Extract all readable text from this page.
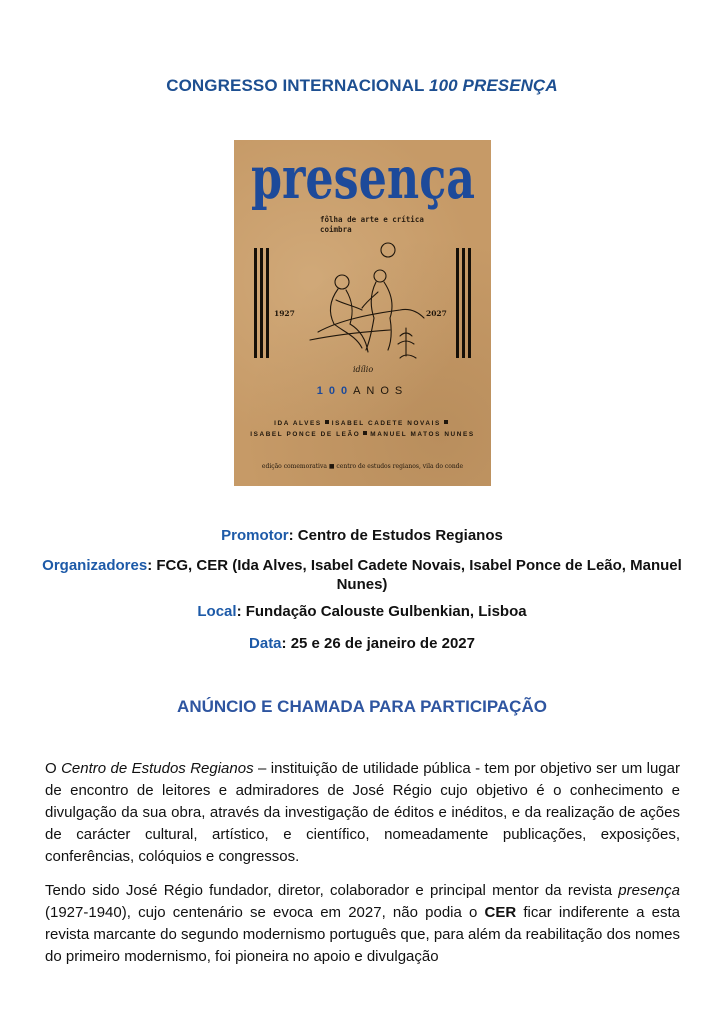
CONGRESSO INTERNACIONAL 100 PRESENÇA
presença
fôlha de arte e crítica
coimbra
1927	2027
idílio
100ANOS
IDA ALVES ISABEL CADETE NOVAIS
ISABEL PONCE DE LEÃO MANUEL MATOS NUNES
edição comemorativa ■ centro de estudos regianos, vila do conde
Promotor: Centro de Estudos Regianos
Organizadores: FCG, CER (Ida Alves, Isabel Cadete Novais, Isabel Ponce de Leão, Manuel Nunes)
Local: Fundação Calouste Gulbenkian, Lisboa
Data: 25 e 26 de janeiro de 2027
ANÚNCIO E CHAMADA PARA PARTICIPAÇÃO
O Centro de Estudos Regianos – instituição de utilidade pública - tem por objetivo ser um lugar de encontro de leitores e admiradores de José Régio cujo objetivo é o conhecimento e divulgação da sua obra, através da investigação de éditos e inéditos, e da realização de ações de carácter cultural, artístico, e científico, nomeadamente publicações, exposições, conferências, colóquios e congressos.
Tendo sido José Régio fundador, diretor, colaborador e principal mentor da revista presença (1927-1940), cujo centenário se evoca em 2027, não podia o CER ficar indiferente a esta revista marcante do segundo modernismo português que, para além da reabilitação dos nomes do primeiro modernismo, foi pioneira no apoio e divulgação
